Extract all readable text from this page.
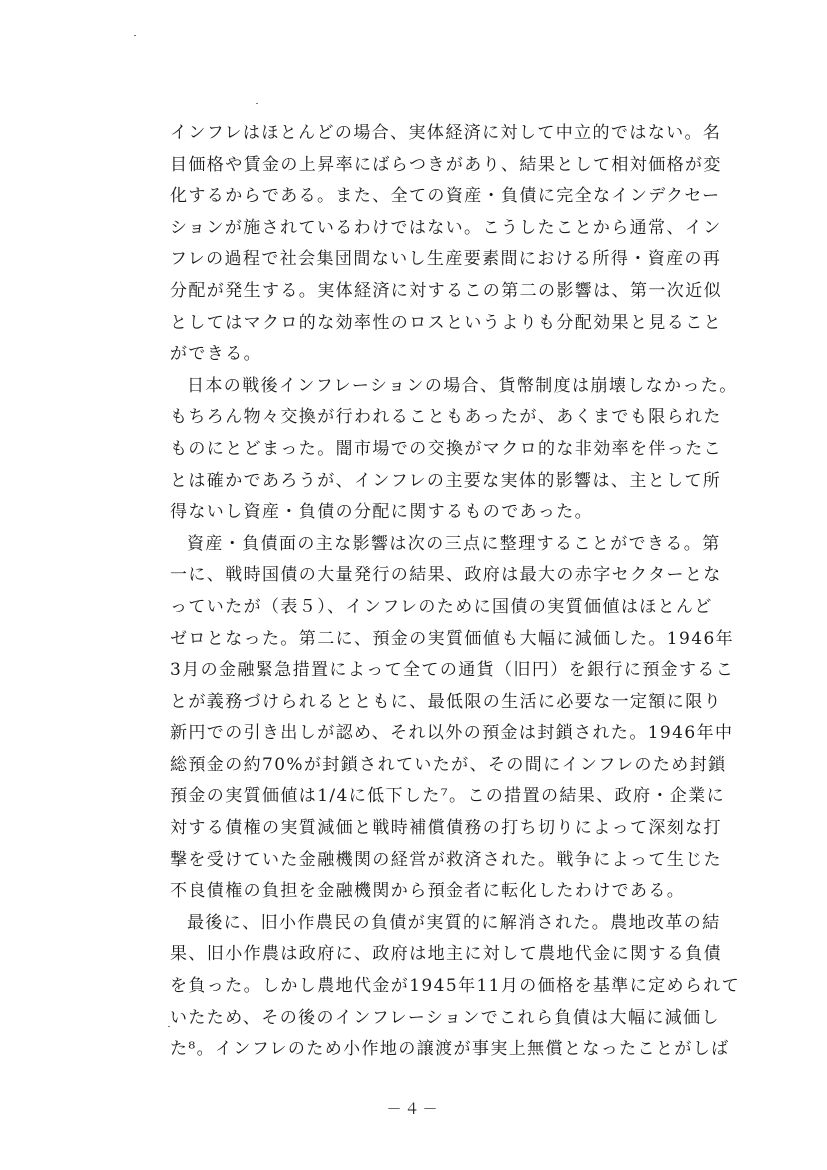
インフレはほとんどの場合、実体経済に対して中立的ではない。名
目価格や賃金の上昇率にばらつきがあり、結果として相対価格が変
化するからである。また、全ての資産・負債に完全なインデクセー
ションが施されているわけではない。こうしたことから通常、イン
フレの過程で社会集団間ないし生産要素間における所得・資産の再
分配が発生する。実体経済に対するこの第二の影響は、第一次近似
としてはマクロ的な効率性のロスというよりも分配効果と見ること
ができる。
日本の戦後インフレーションの場合、貨幣制度は崩壊しなかった。
もちろん物々交換が行われることもあったが、あくまでも限られた
ものにとどまった。闇市場での交換がマクロ的な非効率を伴ったこ
とは確かであろうが、インフレの主要な実体的影響は、主として所
得ないし資産・負債の分配に関するものであった。
資産・負債面の主な影響は次の三点に整理することができる。第
一に、戦時国債の大量発行の結果、政府は最大の赤字セクターとな
っていたが（表５）、インフレのために国債の実質価値はほとんど
ゼロとなった。第二に、預金の実質価値も大幅に減価した。1946年
3月の金融緊急措置によって全ての通貨（旧円）を銀行に預金するこ
とが義務づけられるとともに、最低限の生活に必要な一定額に限り
新円での引き出しが認め、それ以外の預金は封鎖された。1946年中
総預金の約70%が封鎖されていたが、その間にインフレのため封鎖
預金の実質価値は1/4に低下した⁷。この措置の結果、政府・企業に
対する債権の実質減価と戦時補償債務の打ち切りによって深刻な打
撃を受けていた金融機関の経営が救済された。戦争によって生じた
不良債権の負担を金融機関から預金者に転化したわけである。
最後に、旧小作農民の負債が実質的に解消された。農地改革の結
果、旧小作農は政府に、政府は地主に対して農地代金に関する負債
を負った。しかし農地代金が1945年11月の価格を基準に定められて
いたため、その後のインフレーションでこれら負債は大幅に減価し
た⁸。インフレのため小作地の譲渡が事実上無償となったことがしば
－４－
